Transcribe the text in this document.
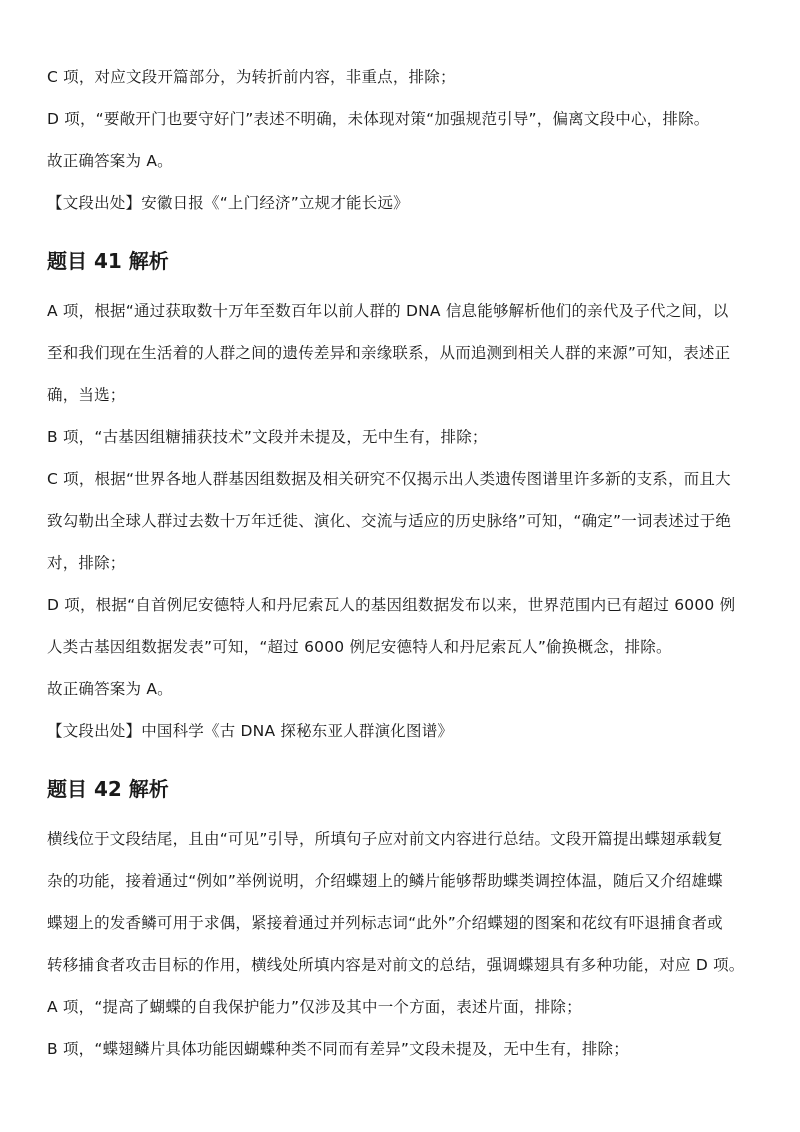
C 项，对应文段开篇部分，为转折前内容，非重点，排除；
D 项，“要敞开门也要守好门”表述不明确，未体现对策“加强规范引导”，偏离文段中心，排除。
故正确答案为 A。
【文段出处】安徽日报《“上门经济”立规才能长远》
题目 41 解析
A 项，根据“通过获取数十万年至数百年以前人群的 DNA 信息能够解析他们的亲代及子代之间，以
至和我们现在生活着的人群之间的遗传差异和亲缘联系，从而追测到相关人群的来源”可知，表述正
确，当选；
B 项，“古基因组糖捕获技术”文段并未提及，无中生有，排除；
C 项，根据“世界各地人群基因组数据及相关研究不仅揭示出人类遗传图谱里许多新的支系，而且大
致勾勒出全球人群过去数十万年迁徙、演化、交流与适应的历史脉络”可知，“确定”一词表述过于绝
对，排除；
D 项，根据“自首例尼安德特人和丹尼索瓦人的基因组数据发布以来，世界范围内已有超过 6000 例
人类古基因组数据发表”可知，“超过 6000 例尼安德特人和丹尼索瓦人”偷换概念，排除。
故正确答案为 A。
【文段出处】中国科学《古 DNA 探秘东亚人群演化图谱》
题目 42 解析
横线位于文段结尾，且由“可见”引导，所填句子应对前文内容进行总结。文段开篇提出蝶翅承载复
杂的功能，接着通过“例如”举例说明，介绍蝶翅上的鳞片能够帮助蝶类调控体温，随后又介绍雄蝶
蝶翅上的发香鳞可用于求偶，紧接着通过并列标志词“此外”介绍蝶翅的图案和花纹有吓退捕食者或
转移捕食者攻击目标的作用，横线处所填内容是对前文的总结，强调蝶翅具有多种功能，对应 D 项。
A 项，“提高了蝴蝶的自我保护能力”仅涉及其中一个方面，表述片面，排除；
B 项，“蝶翅鳞片具体功能因蝴蝶种类不同而有差异”文段未提及，无中生有，排除；
